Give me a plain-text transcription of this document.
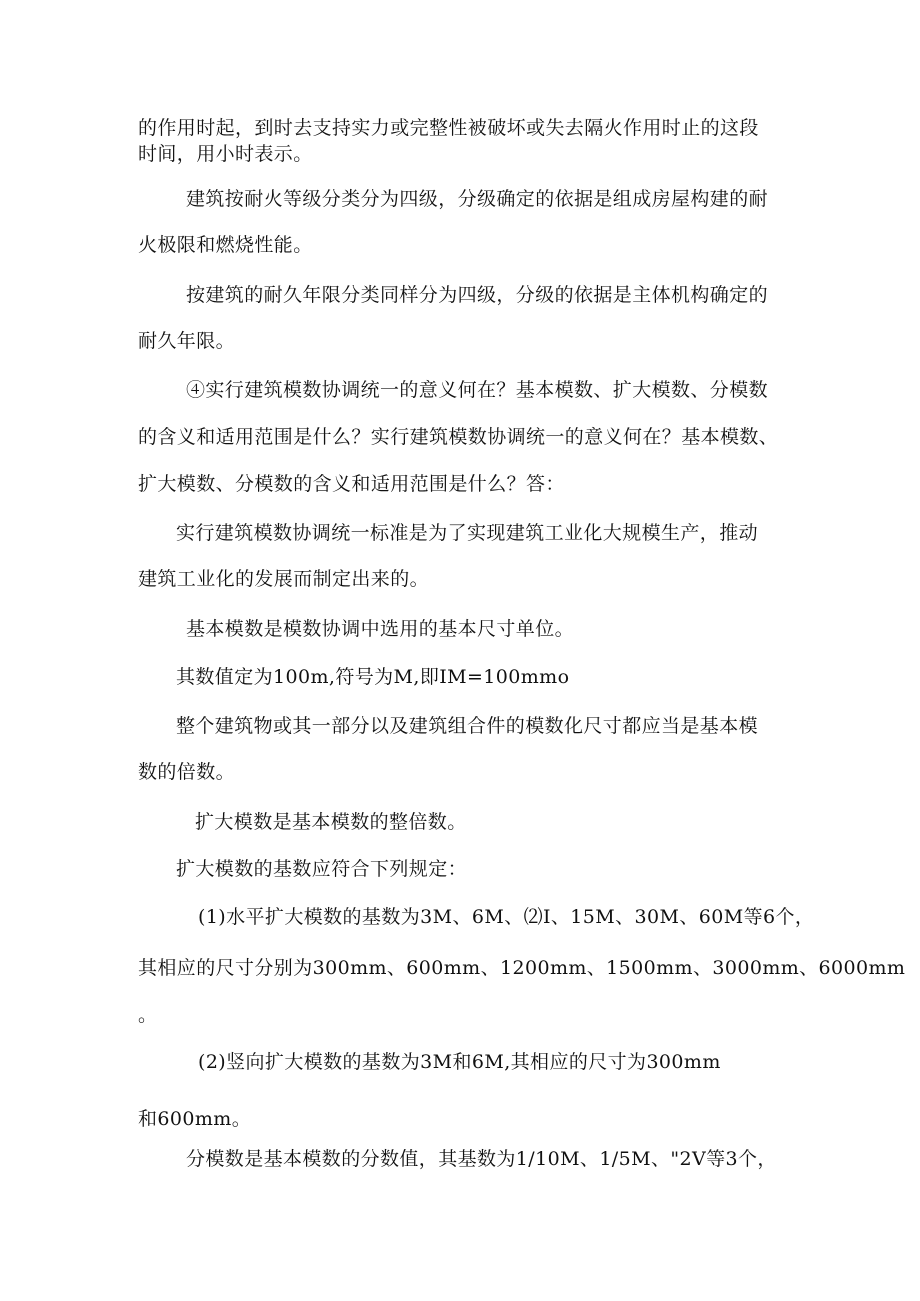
的作用时起，到时去支持实力或完整性被破坏或失去隔火作用时止的这段
时间，用小时表示。
建筑按耐火等级分类分为四级，分级确定的依据是组成房屋构建的耐
火极限和燃烧性能。
按建筑的耐久年限分类同样分为四级，分级的依据是主体机构确定的
耐久年限。
④实行建筑模数协调统一的意义何在？基本模数、扩大模数、分模数
的含义和适用范围是什么？实行建筑模数协调统一的意义何在？基本模数、
扩大模数、分模数的含义和适用范围是什么？答：
实行建筑模数协调统一标准是为了实现建筑工业化大规模生产，推动
建筑工业化的发展而制定出来的。
基本模数是模数协调中选用的基本尺寸单位。
其数值定为100m,符号为M,即IM=100mmo
整个建筑物或其一部分以及建筑组合件的模数化尺寸都应当是基本模
数的倍数。
扩大模数是基本模数的整倍数。
扩大模数的基数应符合下列规定：
(1)水平扩大模数的基数为3M、6M、⑵I、15M、30M、60M等6个，
其相应的尺寸分别为300mm、600mm、1200mm、1500mm、3000mm、6000mm
。
(2)竖向扩大模数的基数为3M和6M,其相应的尺寸为300mm
和600mm。
分模数是基本模数的分数值，其基数为1/10M、1/5M、"2V等3个，
